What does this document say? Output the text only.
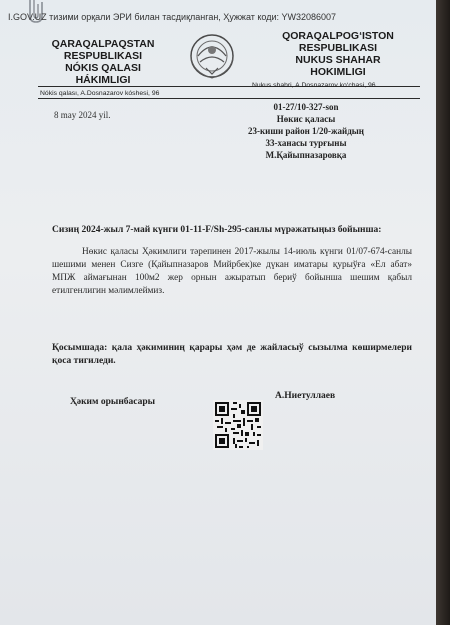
I.GOV.UZ тизими орқали ЭРИ билан тасдиқланган, Ҳужжат коди: YW32086007
QARAQALPAQSTAN
RESPUBLIKASI
NÓKIS QALASI
HÁKIMLIGI
QORAQALPOG‘ISTON
RESPUBLIKASI
NUKUS SHAHAR
HOKIMLIGI
Nókis qalası, A.Dosnazarov kóshesi, 96
Nukus shahri, A.Dosnazarov ko‘chasi, 96
8 may 2024 yil.
01-27/10-327-son
Нөкис қаласы
23-киши район 1/20-жайдың
33-ханасы турғыны
М.Қайыпназаровқа
Сизиң 2024-жыл 7-май күнги 01-11-F/Sh-295-санлы мүрәжатыңыз бойынша:
Нөкис қаласы Ҳәкимлиги тәрепинен 2017-жылы 14-июль күнги 01/07-674-санлы шешими менен Сизге (Қайыпназаров Мийрбек)ке дүкан иматары қурыўға «Ел абат» МПЖ аймағынан 100м2 жер орнын ажыратып бериў бойынша шешим қабыл етилгенлигин мәлимлеймиз.
Қосымшада: қала ҳәкиминиң қарары ҳәм де жайласыў сызылма көширмелери қоса тигиледи.
Ҳәким орынбасары
А.Ниетуллаев
